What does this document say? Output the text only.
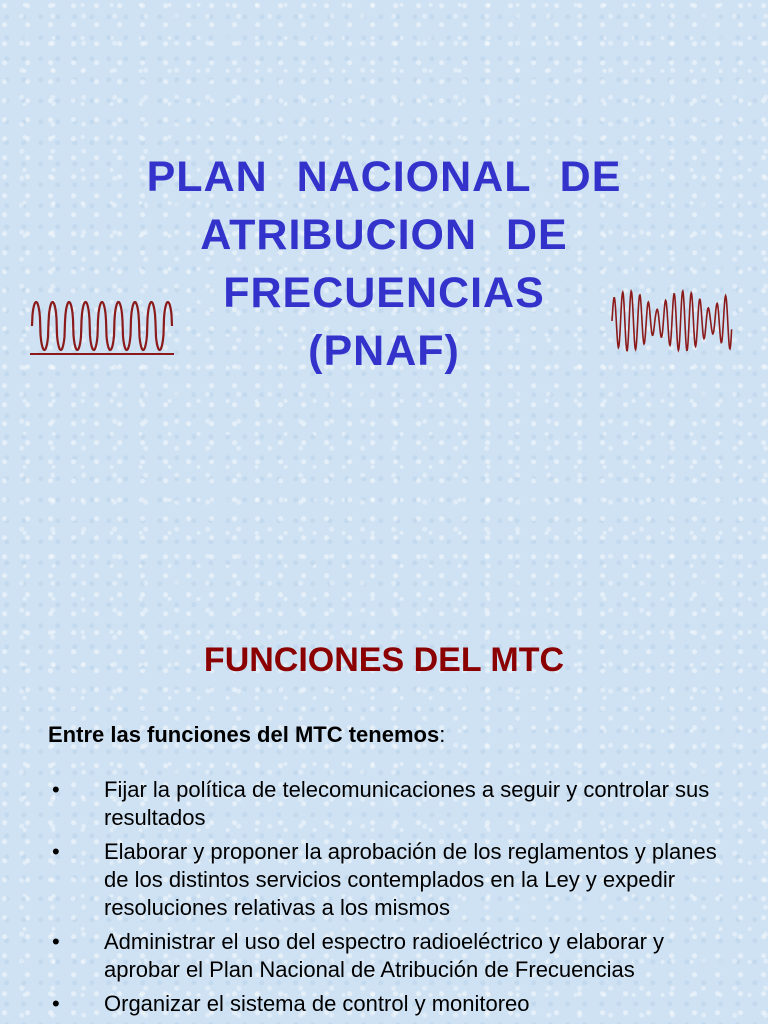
PLAN NACIONAL DE
ATRIBUCION DE
FRECUENCIAS
(PNAF)
FUNCIONES DEL MTC

Entre las funciones del MTC tenemos:

• Fijar la política de telecomunicaciones a seguir y controlar sus resultados
• Elaborar y proponer la aprobación de los reglamentos y planes de los distintos servicios contemplados en la Ley y expedir resoluciones relativas a los mismos
• Administrar el uso del espectro radioeléctrico y elaborar y aprobar el Plan Nacional de Atribución de Frecuencias
• Organizar el sistema de control y monitoreo
